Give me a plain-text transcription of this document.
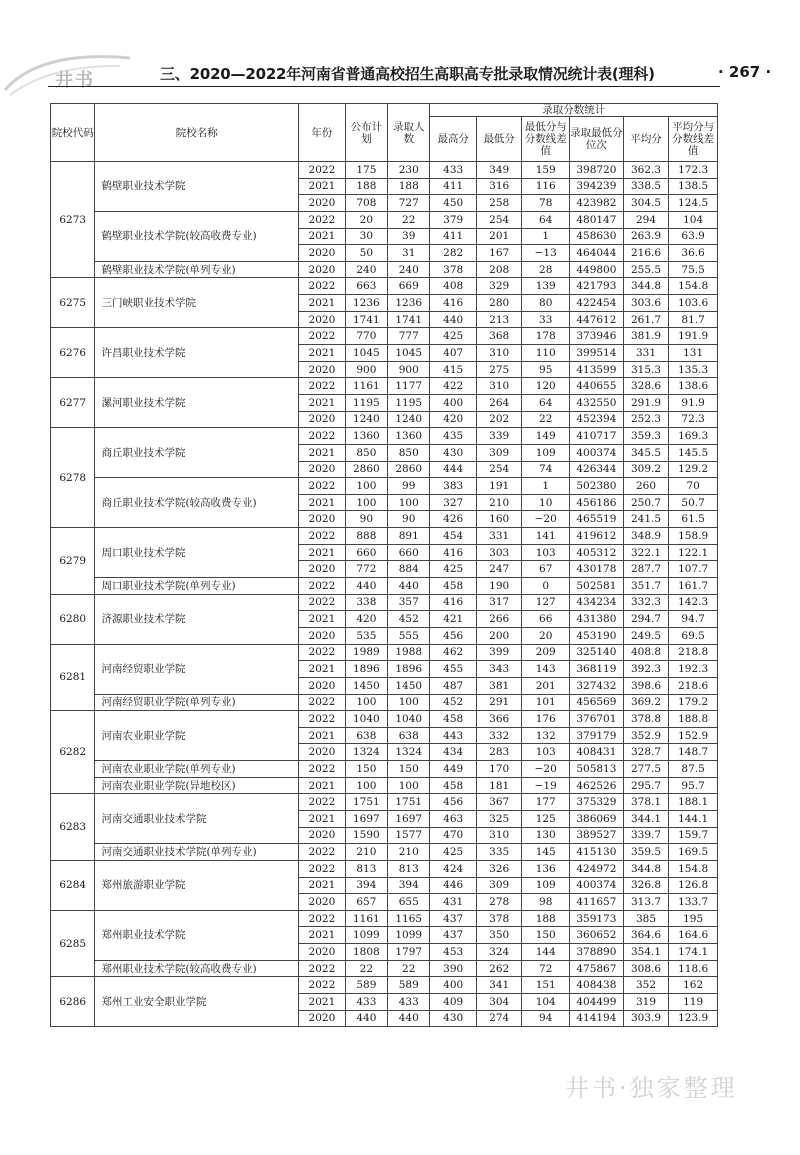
井书	三、2020—2022年河南省普通高校招生高职高专批录取情况统计表(理科)	· 267 ·
院校代码	院校名称	年份	公布计划	录取人数	录取分数统计					
					最高分	最低分	最低分与分数线差值	录取最低分位次	平均分	平均分与分数线差值
6273	鹤壁职业技术学院	2022	175	230	433	349	159	398720	362.3	172.3
		2021	188	188	411	316	116	394239	338.5	138.5
		2020	708	727	450	258	78	423982	304.5	124.5
	鹤壁职业技术学院(较高收费专业)	2022	20	22	379	254	64	480147	294	104
		2021	30	39	411	201	1	458630	263.9	63.9
		2020	50	31	282	167	−13	464044	216.6	36.6
	鹤壁职业技术学院(单列专业)	2020	240	240	378	208	28	449800	255.5	75.5
6275	三门峡职业技术学院	2022	663	669	408	329	139	421793	344.8	154.8
		2021	1236	1236	416	280	80	422454	303.6	103.6
		2020	1741	1741	440	213	33	447612	261.7	81.7
6276	许昌职业技术学院	2022	770	777	425	368	178	373946	381.9	191.9
		2021	1045	1045	407	310	110	399514	331	131
		2020	900	900	415	275	95	413599	315.3	135.3
6277	漯河职业技术学院	2022	1161	1177	422	310	120	440655	328.6	138.6
		2021	1195	1195	400	264	64	432550	291.9	91.9
		2020	1240	1240	420	202	22	452394	252.3	72.3
6278	商丘职业技术学院	2022	1360	1360	435	339	149	410717	359.3	169.3
		2021	850	850	430	309	109	400374	345.5	145.5
		2020	2860	2860	444	254	74	426344	309.2	129.2
	商丘职业技术学院(较高收费专业)	2022	100	99	383	191	1	502380	260	70
		2021	100	100	327	210	10	456186	250.7	50.7
		2020	90	90	426	160	−20	465519	241.5	61.5
6279	周口职业技术学院	2022	888	891	454	331	141	419612	348.9	158.9
		2021	660	660	416	303	103	405312	322.1	122.1
		2020	772	884	425	247	67	430178	287.7	107.7
	周口职业技术学院(单列专业)	2022	440	440	458	190	0	502581	351.7	161.7
6280	济源职业技术学院	2022	338	357	416	317	127	434234	332.3	142.3
		2021	420	452	421	266	66	431380	294.7	94.7
		2020	535	555	456	200	20	453190	249.5	69.5
6281	河南经贸职业学院	2022	1989	1988	462	399	209	325140	408.8	218.8
		2021	1896	1896	455	343	143	368119	392.3	192.3
		2020	1450	1450	487	381	201	327432	398.6	218.6
	河南经贸职业学院(单列专业)	2022	100	100	452	291	101	456569	369.2	179.2
6282	河南农业职业学院	2022	1040	1040	458	366	176	376701	378.8	188.8
		2021	638	638	443	332	132	379179	352.9	152.9
		2020	1324	1324	434	283	103	408431	328.7	148.7
	河南农业职业学院(单列专业)	2022	150	150	449	170	−20	505813	277.5	87.5
	河南农业职业学院(异地校区)	2021	100	100	458	181	−19	462526	295.7	95.7
6283	河南交通职业技术学院	2022	1751	1751	456	367	177	375329	378.1	188.1
		2021	1697	1697	463	325	125	386069	344.1	144.1
		2020	1590	1577	470	310	130	389527	339.7	159.7
	河南交通职业技术学院(单列专业)	2022	210	210	425	335	145	415130	359.5	169.5
6284	郑州旅游职业学院	2022	813	813	424	326	136	424972	344.8	154.8
		2021	394	394	446	309	109	400374	326.8	126.8
		2020	657	655	431	278	98	411657	313.7	133.7
6285	郑州职业技术学院	2022	1161	1165	437	378	188	359173	385	195
		2021	1099	1099	437	350	150	360652	364.6	164.6
		2020	1808	1797	453	324	144	378890	354.1	174.1
	郑州职业技术学院(较高收费专业)	2022	22	22	390	262	72	475867	308.6	118.6
6286	郑州工业安全职业学院	2022	589	589	400	341	151	408438	352	162
		2021	433	433	409	304	104	404499	319	119
		2020	440	440	430	274	94	414194	303.9	123.9
井书·独家整理
